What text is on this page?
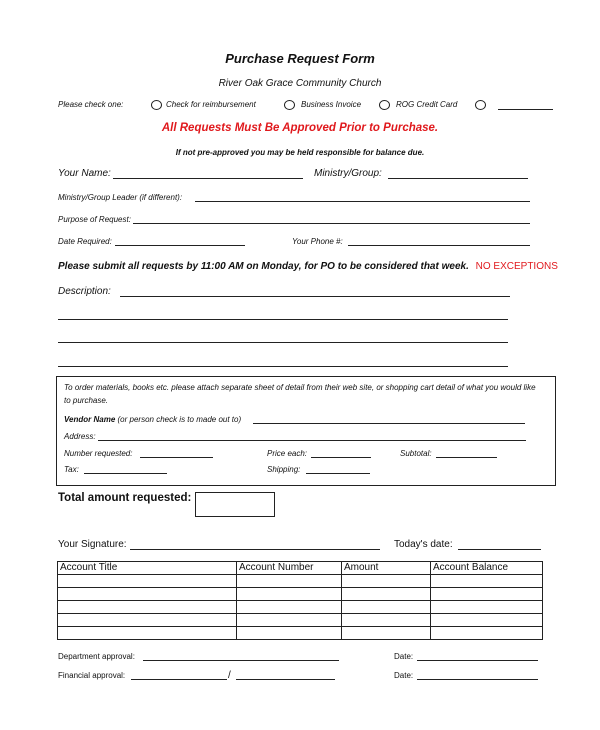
Purchase Request Form
River Oak Grace Community Church
Please check one:	Check for reimbursement	Business Invoice	ROG Credit Card
All Requests Must Be Approved Prior to Purchase.
If not pre-approved you may be held responsible for balance due.
Your Name:	Ministry/Group:
Ministry/Group Leader (if different):
Purpose of Request:
Date Required:	Your Phone #:
Please submit all requests by 11:00 AM on Monday, for PO to be considered that week. NO EXCEPTIONS
Description:
To order materials, books etc. please attach separate sheet of detail from their web site, or shopping cart detail of what you would like to purchase.
Vendor Name (or person check is to made out to)
Address:
Number requested:	Price each:	Subtotal:
Tax:	Shipping:
Total amount requested:
Your Signature:	Today's date:
Account Title	Account Number	Amount	Account Balance

Department approval:	Date:
Financial approval:	/	Date:
